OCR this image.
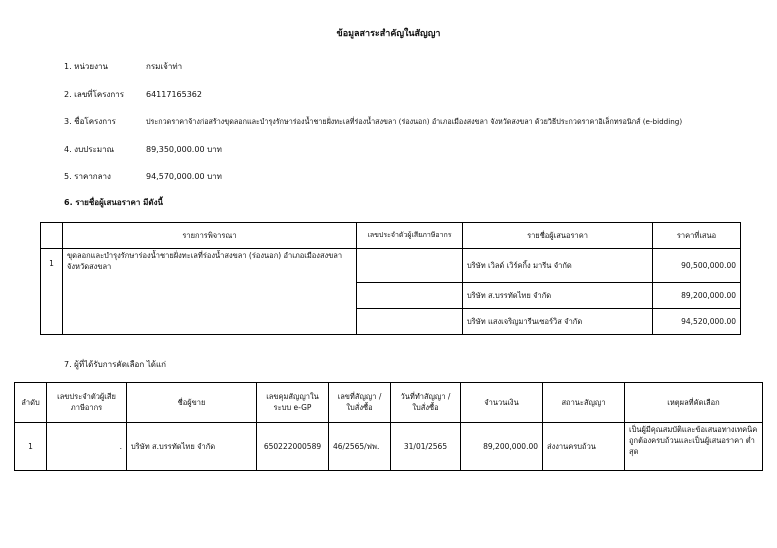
ข้อมูลสาระสำคัญในสัญญา
1. หน่วยงาน	กรมเจ้าท่า
2. เลขที่โครงการ	64117165362
3. ชื่อโครงการ	ประกวดราคาจ้างก่อสร้างขุดลอกและบำรุงรักษาร่องน้ำชายฝั่งทะเลที่ร่องน้ำสงขลา (ร่องนอก) อำเภอเมืองสงขลา จังหวัดสงขลา ด้วยวิธีประกวดราคาอิเล็กทรอนิกส์ (e-bidding)
4. งบประมาณ	89,350,000.00 บาท
5. ราคากลาง	94,570,000.00 บาท
6. รายชื่อผู้เสนอราคา มีดังนี้
	รายการพิจารณา	เลขประจำตัวผู้เสียภาษีอากร	รายชื่อผู้เสนอราคา	ราคาที่เสนอ
1	ขุดลอกและบำรุงรักษาร่องน้ำชายฝั่งทะเลที่ร่องน้ำสงขลา (ร่องนอก) อำเภอเมืองสงขลา จังหวัดสงขลา		บริษัท เวิลด์ เวิร์คกิ้ง มารีน จำกัด	90,500,000.00
			บริษัท ส.บรรทัดไทย จำกัด	89,200,000.00
			บริษัท แสงเจริญมารีนเซอร์วิส จำกัด	94,520,000.00
7. ผู้ที่ได้รับการคัดเลือก ได้แก่
ลำดับ	เลขประจำตัวผู้เสียภาษีอากร	ชื่อผู้ขาย	เลขคุมสัญญาในระบบ e-GP	เลขที่สัญญา / ใบสั่งซื้อ	วันที่ทำสัญญา / ใบสั่งซื้อ	จำนวนเงิน	สถานะสัญญา	เหตุผลที่คัดเลือก
1	.	บริษัท ส.บรรทัดไทย จำกัด	650222000589	46/2565/ฟพ.	31/01/2565	89,200,000.00	ส่งงานครบถ้วน	เป็นผู้มีคุณสมบัติและข้อเสนอทางเทคนิคถูกต้องครบถ้วนและเป็นผู้เสนอราคา ต่ำสุด
